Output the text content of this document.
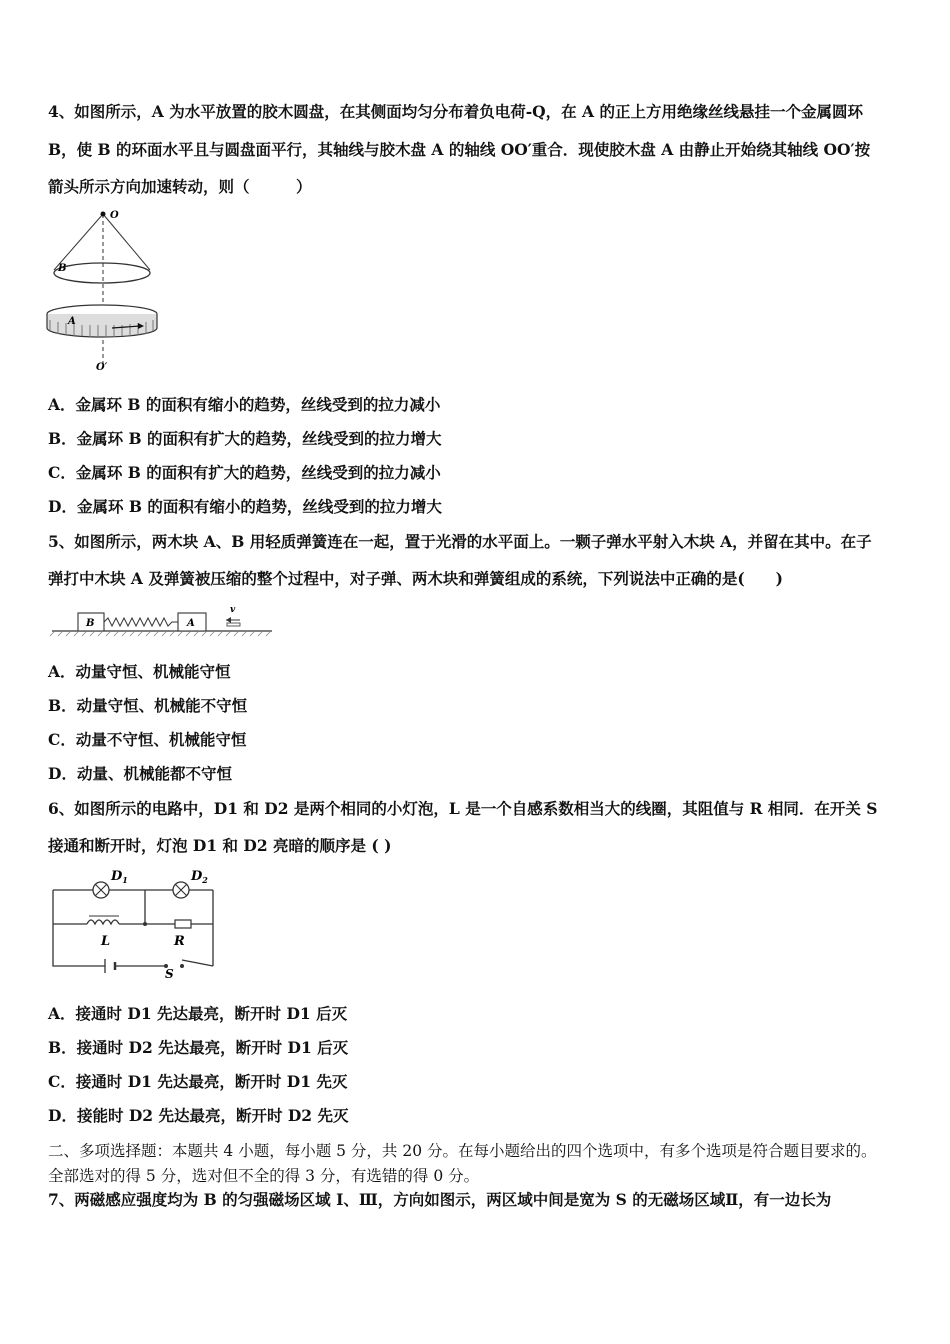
4、如图所示，A 为水平放置的胶木圆盘，在其侧面均匀分布着负电荷-Q，在 A 的正上方用绝缘丝线悬挂一个金属圆环
B，使 B 的环面水平且与圆盘面平行，其轴线与胶木盘 A 的轴线 OO′重合．现使胶木盘 A 由静止开始绕其轴线 OO′按
箭头所示方向加速转动，则（　　　）
O
B
A
O′
A．金属环 B 的面积有缩小的趋势，丝线受到的拉力减小
B．金属环 B 的面积有扩大的趋势，丝线受到的拉力增大
C．金属环 B 的面积有扩大的趋势，丝线受到的拉力减小
D．金属环 B 的面积有缩小的趋势，丝线受到的拉力增大
5、如图所示，两木块 A、B 用轻质弹簧连在一起，置于光滑的水平面上。一颗子弹水平射入木块 A，并留在其中。在子
弹打中木块 A 及弹簧被压缩的整个过程中，对子弹、两木块和弹簧组成的系统，下列说法中正确的是(　　)
B	A
v
A．动量守恒、机械能守恒
B．动量守恒、机械能不守恒
C．动量不守恒、机械能守恒
D．动量、机械能都不守恒
6、如图所示的电路中，D1 和 D2 是两个相同的小灯泡，L 是一个自感系数相当大的线圈，其阻值与 R 相同．在开关 S
接通和断开时，灯泡 D1 和 D2 亮暗的顺序是 ( )
$D_1$	$D_2$
L	R
S
A．接通时 D1 先达最亮，断开时 D1 后灭
B．接通时 D2 先达最亮，断开时 D1 后灭
C．接通时 D1 先达最亮，断开时 D1 先灭
D．接能时 D2 先达最亮，断开时 D2 先灭
二、多项选择题：本题共 4 小题，每小题 5 分，共 20 分。在每小题给出的四个选项中，有多个选项是符合题目要求的。
全部选对的得 5 分，选对但不全的得 3 分，有选错的得 0 分。
7、两磁感应强度均为 B 的匀强磁场区域 I、Ⅲ，方向如图示，两区域中间是宽为 S 的无磁场区域Ⅱ，有一边长为
